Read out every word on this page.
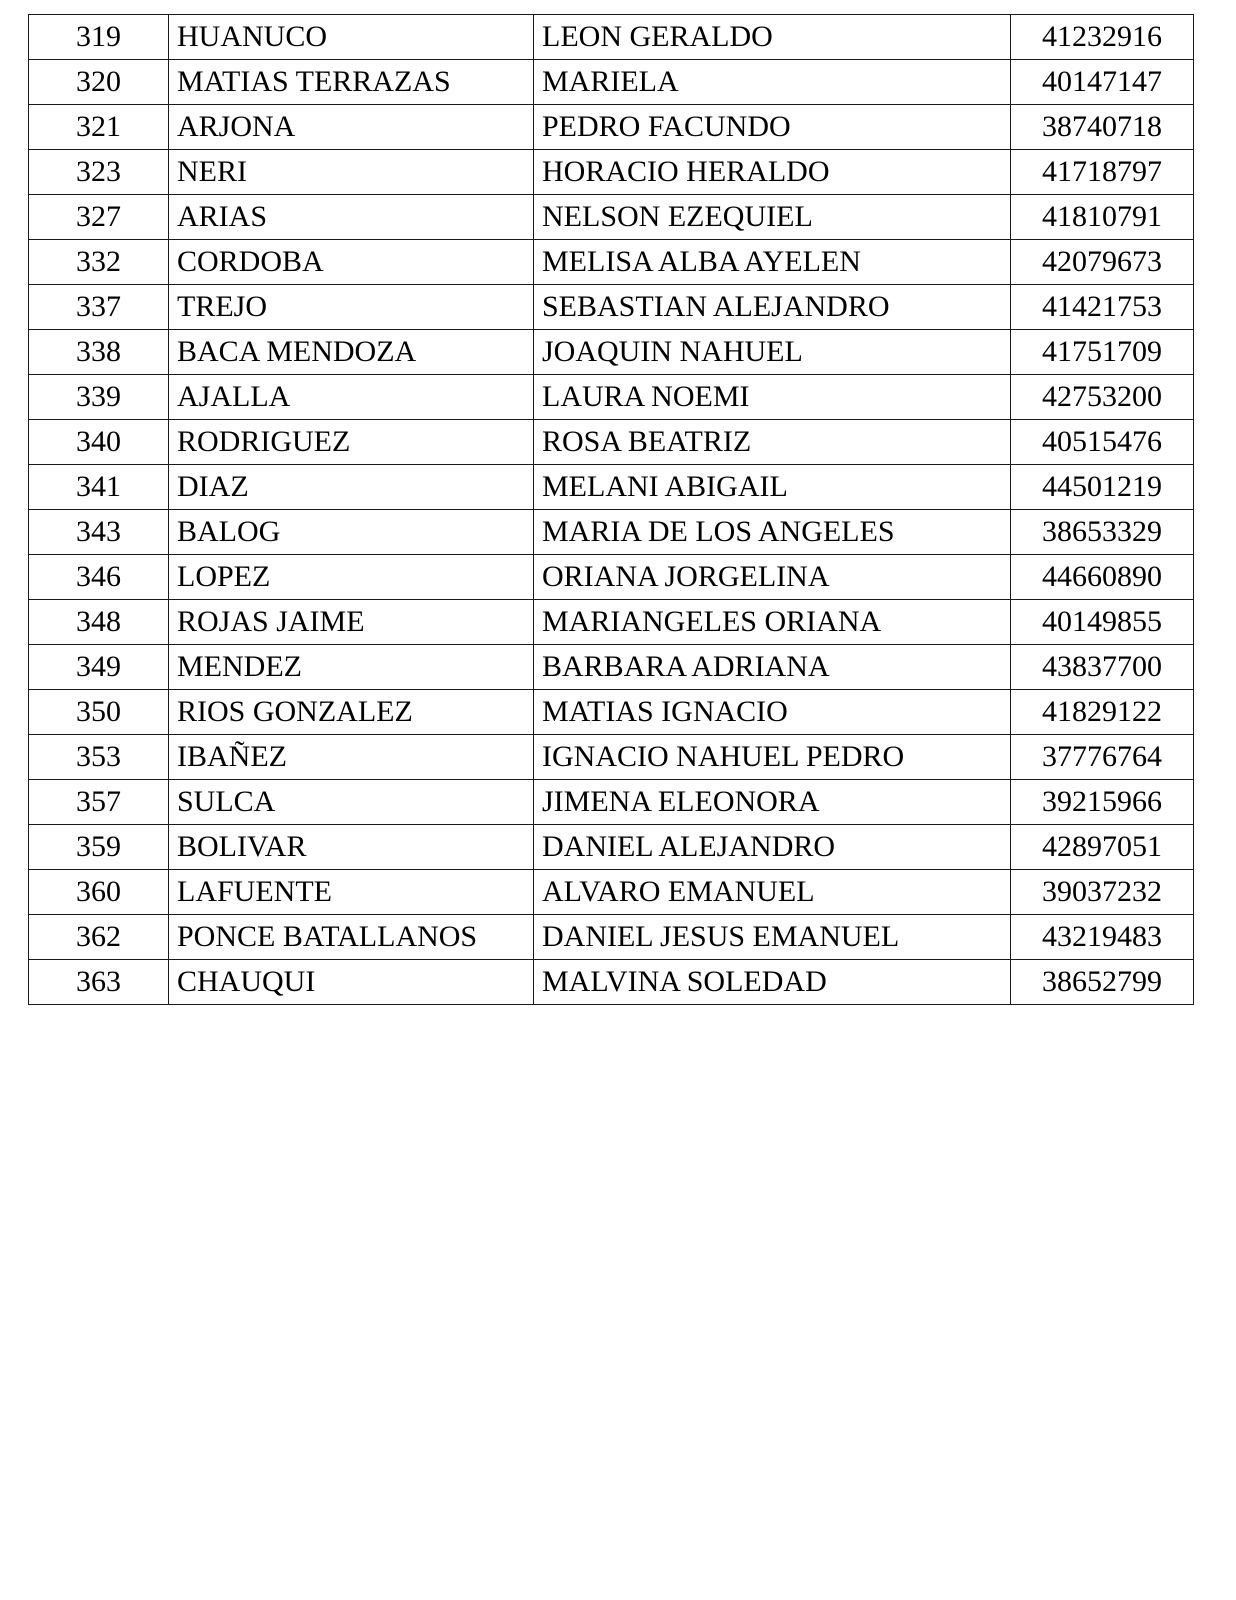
319	HUANUCO	LEON GERALDO	41232916
320	MATIAS TERRAZAS	MARIELA	40147147
321	ARJONA	PEDRO FACUNDO	38740718
323	NERI	HORACIO HERALDO	41718797
327	ARIAS	NELSON EZEQUIEL	41810791
332	CORDOBA	MELISA ALBA AYELEN	42079673
337	TREJO	SEBASTIAN ALEJANDRO	41421753
338	BACA MENDOZA	JOAQUIN NAHUEL	41751709
339	AJALLA	LAURA NOEMI	42753200
340	RODRIGUEZ	ROSA BEATRIZ	40515476
341	DIAZ	MELANI ABIGAIL	44501219
343	BALOG	MARIA DE LOS ANGELES	38653329
346	LOPEZ	ORIANA JORGELINA	44660890
348	ROJAS JAIME	MARIANGELES ORIANA	40149855
349	MENDEZ	BARBARA ADRIANA	43837700
350	RIOS GONZALEZ	MATIAS IGNACIO	41829122
353	IBAÑEZ	IGNACIO NAHUEL PEDRO	37776764
357	SULCA	JIMENA ELEONORA	39215966
359	BOLIVAR	DANIEL ALEJANDRO	42897051
360	LAFUENTE	ALVARO EMANUEL	39037232
362	PONCE BATALLANOS	DANIEL JESUS EMANUEL	43219483
363	CHAUQUI	MALVINA SOLEDAD	38652799
